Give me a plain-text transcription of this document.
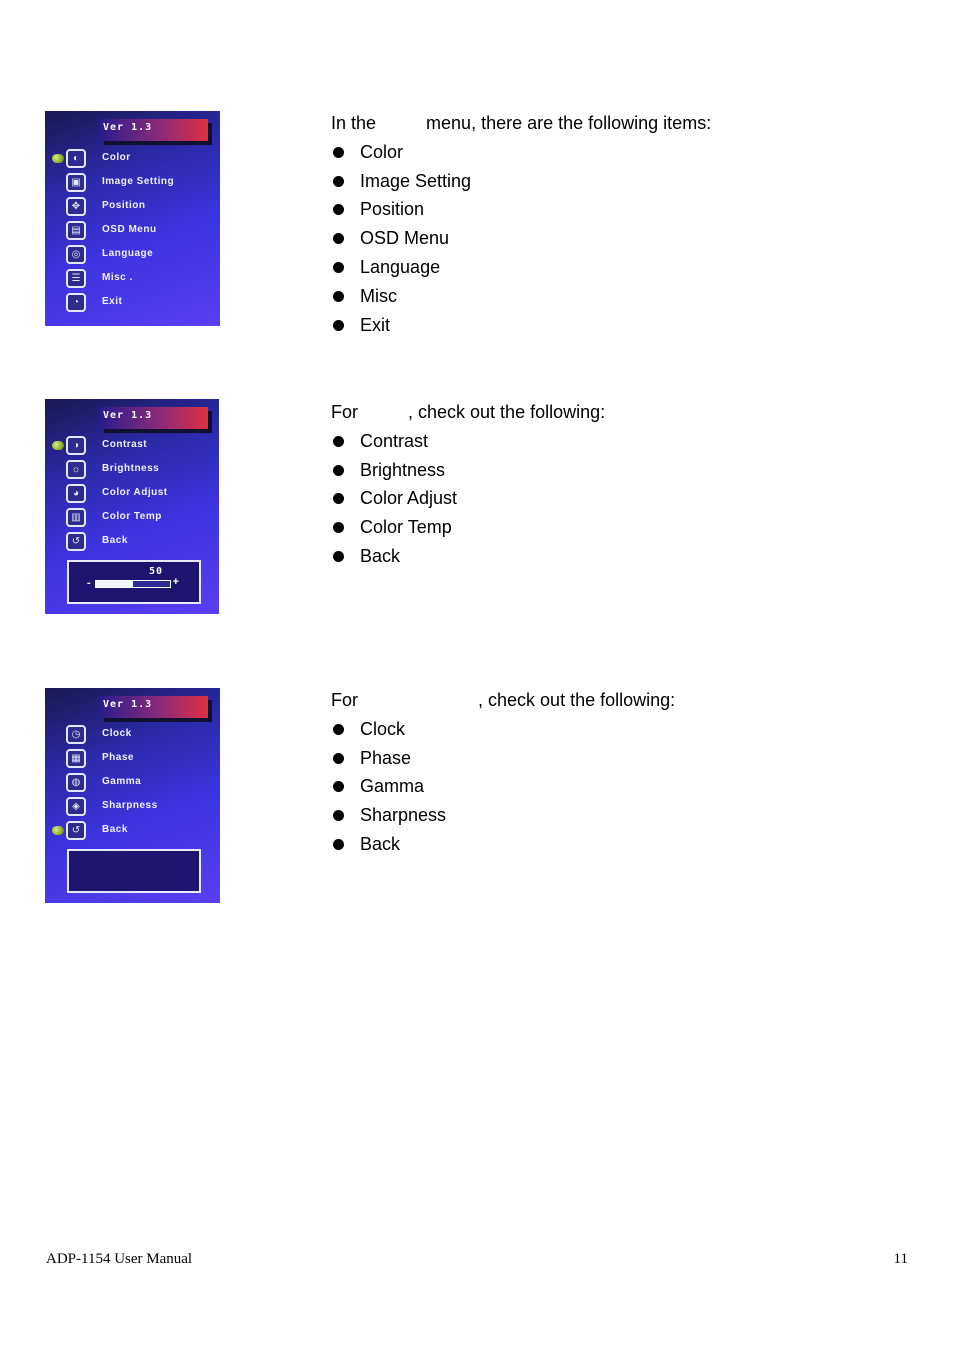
Ver 1.3
◐	Color
▣	Image Setting
✥	Position
▤	OSD Menu
◎	Language
☰	Misc .
◔	Exit
In the          menu, there are the following items:
Color
Image Setting
Position
OSD Menu
Language
Misc
Exit
Ver 1.3
◑	Contrast
☼	Brightness
◕	Color Adjust
▥	Color Temp
↺	Back
50
-	+
For          , check out the following:
Contrast
Brightness
Color Adjust
Color Temp
Back
Ver 1.3
◷	Clock
▦	Phase
◍	Gamma
◈	Sharpness
↺	Back
For                        , check out the following:
Clock
Phase
Gamma
Sharpness
Back
ADP-1154 User Manual	11
